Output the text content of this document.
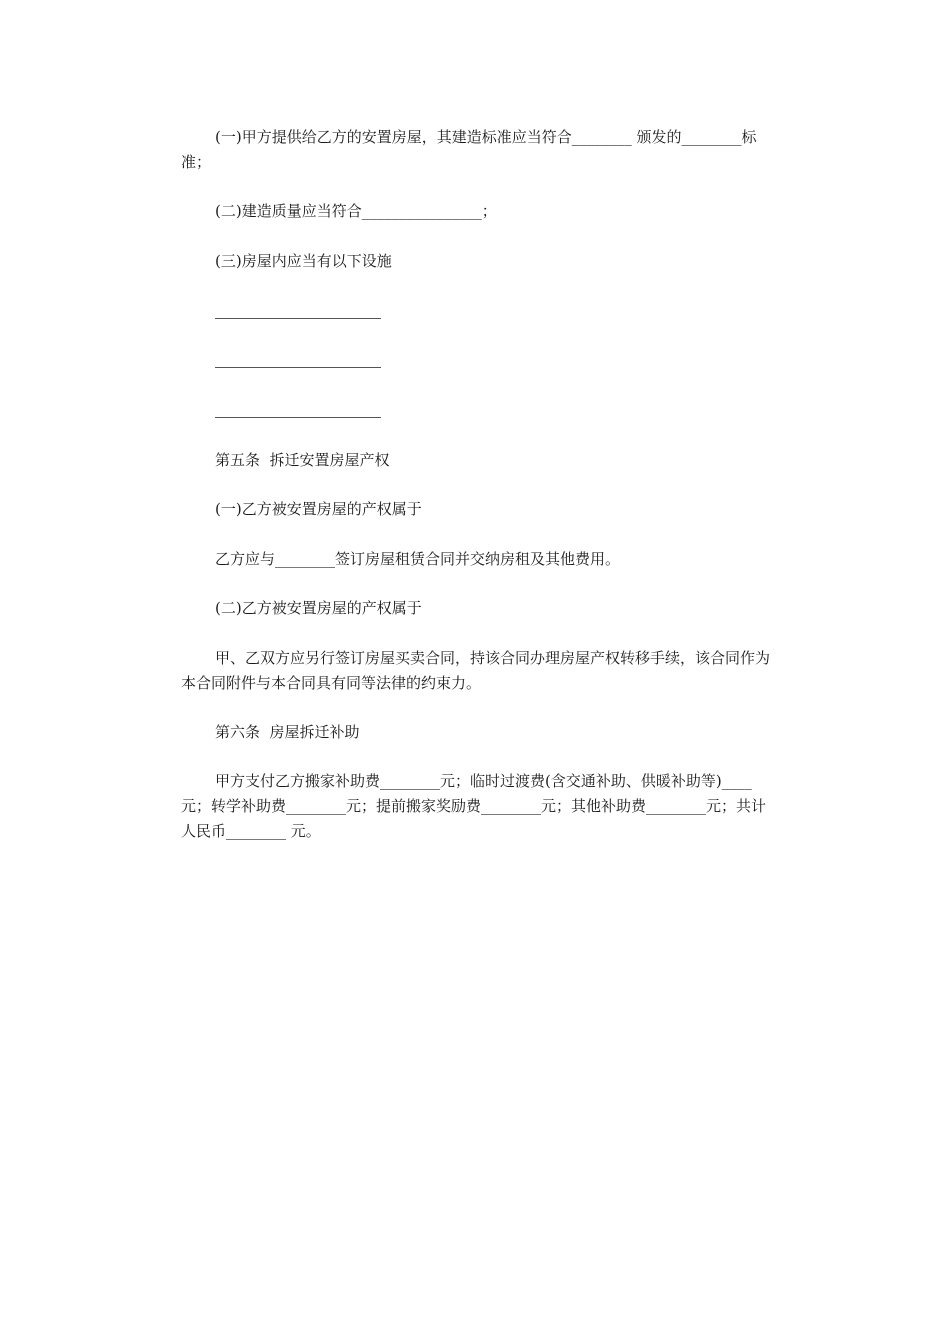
(一)甲方提供给乙方的安置房屋，其建造标准应当符合________ 颁发的________标准；
(二)建造质量应当符合________________；
(三)房屋内应当有以下设施
第五条  拆迁安置房屋产权
(一)乙方被安置房屋的产权属于
乙方应与________签订房屋租赁合同并交纳房租及其他费用。
(二)乙方被安置房屋的产权属于
甲、乙双方应另行签订房屋买卖合同，持该合同办理房屋产权转移手续，该合同作为本合同附件与本合同具有同等法律的约束力。
第六条  房屋拆迁补助
甲方支付乙方搬家补助费________元；临时过渡费(含交通补助、供暖补助等)____元；转学补助费________元；提前搬家奖励费________元；其他补助费________元；共计人民币________ 元。
